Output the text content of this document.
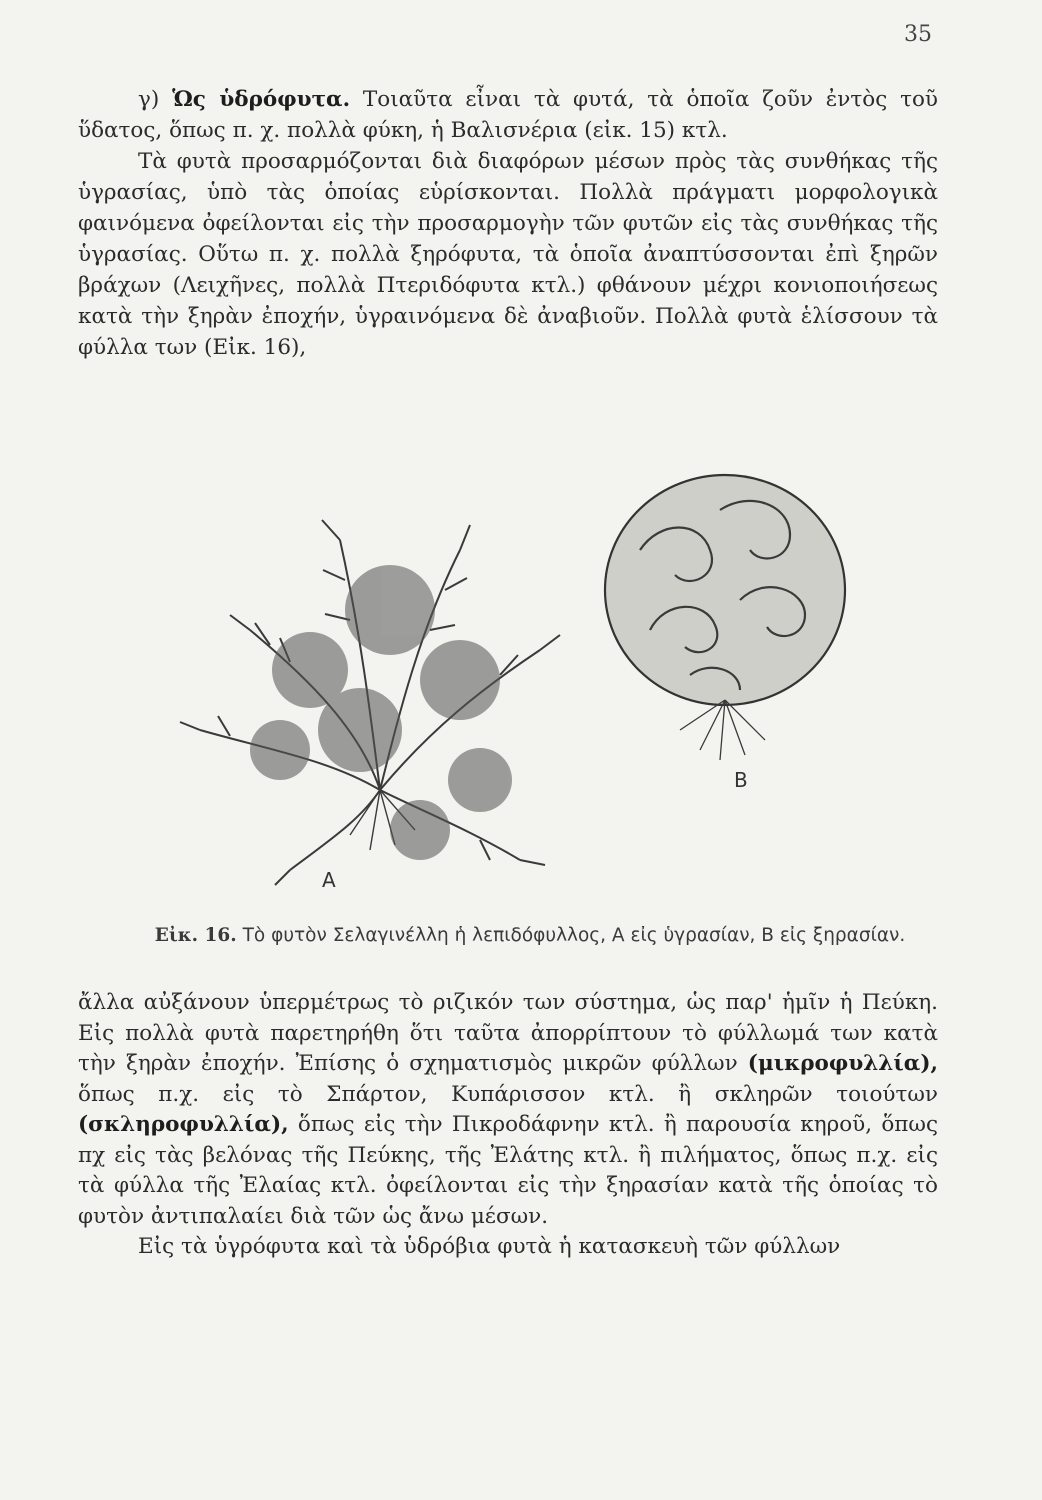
35

γ) Ὡς ὑδρόφυτα. Τοιαῦτα εἶναι τὰ φυτά, τὰ ὁποῖα ζοῦν ἐντὸς τοῦ ὕδατος, ὅπως π. χ. πολλὰ φύκη, ἡ Βαλισνέρια (εἰκ. 15) κτλ.

Τὰ φυτὰ προσαρμόζονται διὰ διαφόρων μέσων πρὸς τὰς συνθήκας τῆς ὑγρασίας, ὑπὸ τὰς ὁποίας εὑρίσκονται. Πολλὰ πράγματι μορφολογικὰ φαινόμενα ὀφείλονται εἰς τὴν προσαρμογὴν τῶν φυτῶν εἰς τὰς συνθήκας τῆς ὑγρασίας. Οὕτω π. χ. πολλὰ ξηρόφυτα, τὰ ὁποῖα ἀναπτύσσονται ἐπὶ ξηρῶν βράχων (Λειχῆνες, πολλὰ Πτεριδόφυτα κτλ.) φθάνουν μέχρι κονιοποιήσεως κατὰ τὴν ξηρὰν ἐποχήν, ὑγραινόμενα δὲ ἀναβιοῦν. Πολλὰ φυτὰ ἑλίσσουν τὰ φύλλα των (Εἰκ. 16),

A
B
Εἰκ. 16. Τὸ φυτὸν Σελαγινέλλη ἡ λεπιδόφυλλος, Α εἰς ὑγρασίαν, Β εἰς ξηρασίαν.

ἄλλα αὐξάνουν ὑπερμέτρως τὸ ριζικόν των σύστημα, ὡς παρ' ἡμῖν ἡ Πεύκη. Εἰς πολλὰ φυτὰ παρετηρήθη ὅτι ταῦτα ἀπορρίπτουν τὸ φύλλωμά των κατὰ τὴν ξηρὰν ἐποχήν. Ἐπίσης ὁ σχηματισμὸς μικρῶν φύλλων (μικροφυλλία), ὅπως π.χ. εἰς τὸ Σπάρτον, Κυπάρισσον κτλ. ἢ σκληρῶν τοιούτων (σκληροφυλλία), ὅπως εἰς τὴν Πικροδάφνην κτλ. ἢ παρουσία κηροῦ, ὅπως πχ εἰς τὰς βελόνας τῆς Πεύκης, τῆς Ἐλάτης κτλ. ἢ πιλήματος, ὅπως π.χ. εἰς τὰ φύλλα τῆς Ἐλαίας κτλ. ὀφείλονται εἰς τὴν ξηρασίαν κατὰ τῆς ὁποίας τὸ φυτὸν ἀντιπαλαίει διὰ τῶν ὡς ἄνω μέσων.

Εἰς τὰ ὑγρόφυτα καὶ τὰ ὑδρόβια φυτὰ ἡ κατασκευὴ τῶν φύλλων
